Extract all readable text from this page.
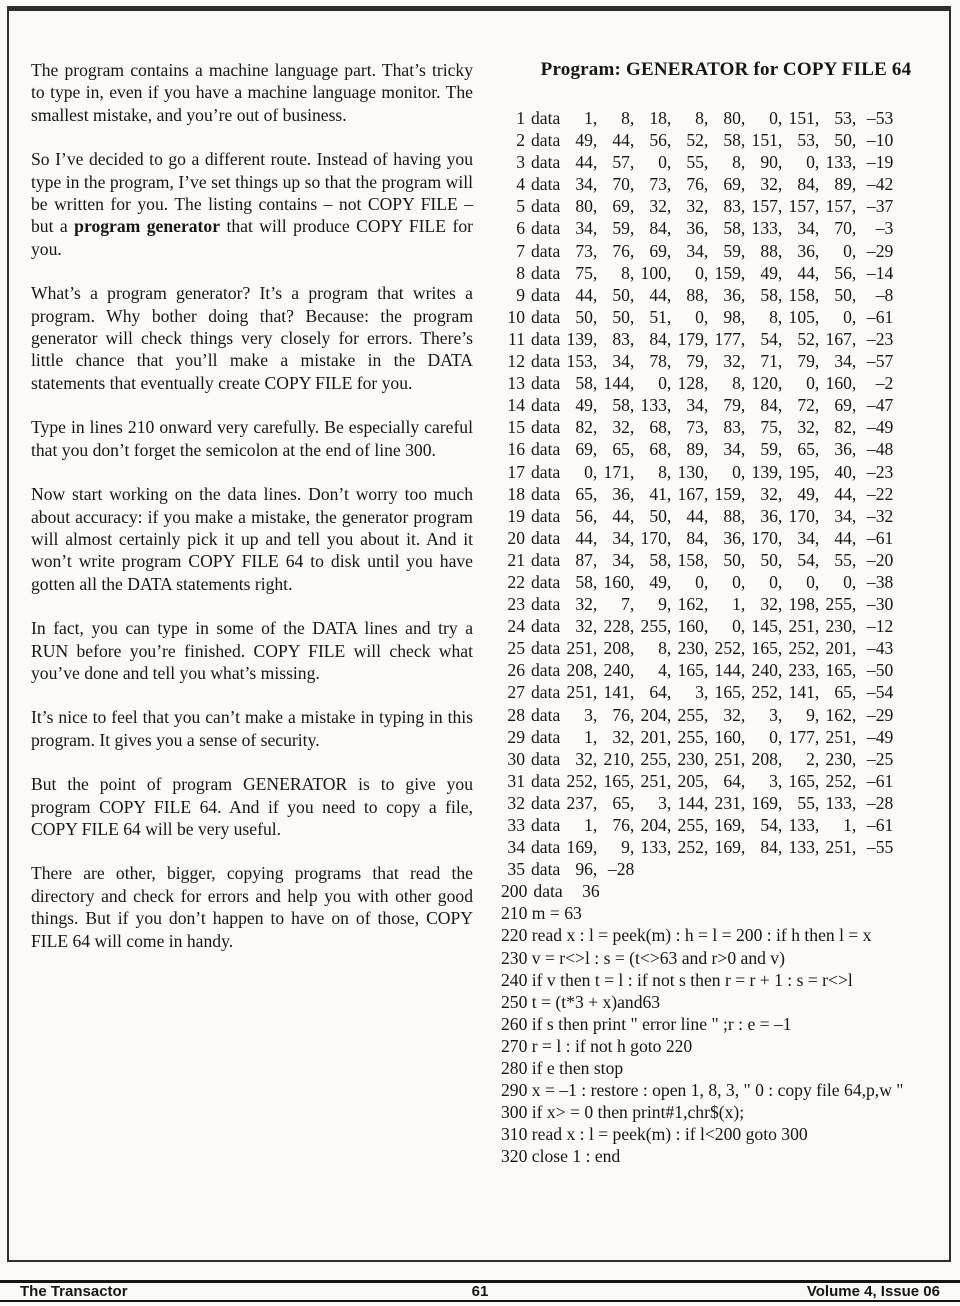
The program contains a machine language part. That’s tricky to type in, even if you have a machine language monitor. The smallest mistake, and you’re out of business.

So I’ve decided to go a different route. Instead of having you type in the program, I’ve set things up so that the program will be written for you. The listing contains – not COPY FILE – but a program generator that will produce COPY FILE for you.

What’s a program generator? It’s a program that writes a program. Why bother doing that? Because: the program generator will check things very closely for errors. There’s little chance that you’ll make a mistake in the DATA statements that eventually create COPY FILE for you.

Type in lines 210 onward very carefully. Be especially careful that you don’t forget the semicolon at the end of line 300.

Now start working on the data lines. Don’t worry too much about accuracy: if you make a mistake, the generator program will almost certainly pick it up and tell you about it. And it won’t write program COPY FILE 64 to disk until you have gotten all the DATA statements right.

In fact, you can type in some of the DATA lines and try a RUN before you’re finished. COPY FILE will check what you’ve done and tell you what’s missing.

It’s nice to feel that you can’t make a mistake in typing in this program. It gives you a sense of security.

But the point of program GENERATOR is to give you program COPY FILE 64. And if you need to copy a file, COPY FILE 64 will be very useful.

There are other, bigger, copying programs that read the directory and check for errors and help you with other good things. But if you don’t happen to have on of those, COPY FILE 64 will come in handy.

Program: GENERATOR for COPY FILE 64
1 data	1,	8, 18,	8, 80,	0, 151, 53, –53
2 data 49, 44, 56, 52, 58, 151, 53, 50, –10
3 data 44, 57,	0, 55,	8, 90,	0, 133, –19
4 data 34, 70, 73, 76, 69, 32, 84, 89, –42
5 data 80, 69, 32, 32, 83, 157, 157, 157, –37
6 data 34, 59, 84, 36, 58, 133, 34, 70,	–3
7 data 73, 76, 69, 34, 59, 88, 36,	0, –29
8 data 75,	8, 100,	0, 159, 49, 44, 56, –14
9 data 44, 50, 44, 88, 36, 58, 158, 50,	–8
10 data 50, 50, 51,	0, 98,	8, 105,	0, –61
11 data 139, 83, 84, 179, 177, 54, 52, 167, –23
12 data 153, 34, 78, 79, 32, 71, 79, 34, –57
13 data 58, 144,	0, 128,	8, 120,	0, 160,	–2
14 data 49, 58, 133, 34, 79, 84, 72, 69, –47
15 data 82, 32, 68, 73, 83, 75, 32, 82, –49
16 data 69, 65, 68, 89, 34, 59, 65, 36, –48
17 data	0, 171,	8, 130,	0, 139, 195, 40, –23
18 data 65, 36, 41, 167, 159, 32, 49, 44, –22
19 data 56, 44, 50, 44, 88, 36, 170, 34, –32
20 data 44, 34, 170, 84, 36, 170, 34, 44, –61
21 data 87, 34, 58, 158, 50, 50, 54, 55, –20
22 data 58, 160, 49,	0,	0,	0,	0,	0, –38
23 data 32,	7,	9, 162,	1, 32, 198, 255, –30
24 data 32, 228, 255, 160,	0, 145, 251, 230, –12
25 data 251, 208,	8, 230, 252, 165, 252, 201, –43
26 data 208, 240,	4, 165, 144, 240, 233, 165, –50
27 data 251, 141, 64,	3, 165, 252, 141, 65, –54
28 data	3, 76, 204, 255, 32,	3,	9, 162, –29
29 data	1, 32, 201, 255, 160,	0, 177, 251, –49
30 data 32, 210, 255, 230, 251, 208,	2, 230, –25
31 data 252, 165, 251, 205, 64,	3, 165, 252, –61
32 data 237, 65,	3, 144, 231, 169, 55, 133, –28
33 data	1, 76, 204, 255, 169, 54, 133,	1, –61
34 data 169,	9, 133, 252, 169, 84, 133, 251, –55
35 data 96, –28
200 data	36
210 m = 63
220 read x : l = peek(m) : h = l = 200 : if h then l = x
230 v = r<>l : s = (t<>63 and r>0 and v)
240 if v then t = l : if not s then r = r + 1 : s = r<>l
250 t = (t*3 + x)and63
260 if s then print " error line " ;r : e = –1
270 r = l : if not h goto 220
280 if e then stop
290 x = –1 : restore : open 1, 8, 3, " 0 : copy file 64,p,w "
300 if x> = 0 then print#1,chr$(x);
310 read x : l = peek(m) : if l<200 goto 300
320 close 1 : end
The Transactor	61	Volume 4, Issue 06
